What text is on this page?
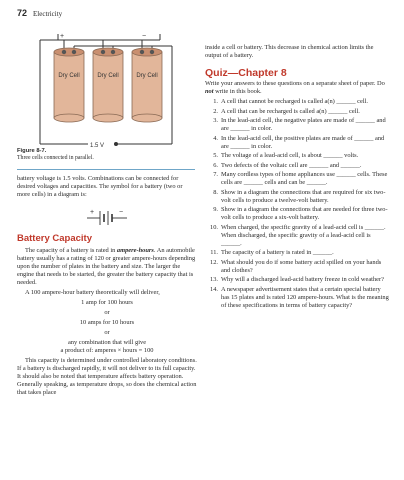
72 Electricity
−
+
Dry Cell	Dry Cell	Dry Cell
1.5 V
Figure 8-7.
Three cells connected in parallel.

battery voltage is 1.5 volts. Combinations can be connected for desired voltages and capacities. The symbol for a battery (two or more cells) in a diagram is:

+	−
Battery Capacity

The capacity of a battery is rated in ampere-hours. An automobile battery usually has a rating of 120 or greater ampere-hours depending upon the number of plates in the battery and size. The larger the engine that needs to be started, the greater the battery capacity that is needed.

A 100 ampere-hour battery theoretically will deliver,

1 amp for 100 hours

or

10 amps for 10 hours

or

any combination that will give

a product of: amperes × hours = 100

This capacity is determined under controlled laboratory conditions. If a battery is discharged rapidly, it will not deliver to its full capacity. It should also be noted that temperature affects battery operation. Generally speaking, as temperature drops, so does the chemical action that takes place

inside a cell or battery. This decrease in chemical action limits the output of a battery.

Quiz—Chapter 8

Write your answers to these questions on a separate sheet of paper. Do not write in this book.

1. A cell that cannot be recharged is called a(n) ______ cell.
2. A cell that can be recharged is called a(n) ______ cell.
3. In the lead-acid cell, the negative plates are made of ______ and are ______ in color.
4. In the lead-acid cell, the positive plates are made of ______ and are ______ in color.
5. The voltage of a lead-acid cell, is about ______ volts.
6. Two defects of the voltaic cell are ______ and ______.
7. Many cordless types of home appliances use ______ cells. These cells are ______ cells and can be ______.
8. Show in a diagram the connections that are required for six two-volt cells to produce a twelve-volt battery.
9. Show in a diagram the connections that are needed for three two-volt cells to produce a six-volt battery.
10. When charged, the specific gravity of a lead-acid cell is ______. When discharged, the specific gravity of a lead-acid cell is ______.
11. The capacity of a battery is rated in ______.
12. What should you do if some battery acid spilled on your hands and clothes?
13. Why will a discharged lead-acid battery freeze in cold weather?
14. A newspaper advertisement states that a certain special battery has 15 plates and is rated 120 ampere-hours. What is the meaning of these specifications in terms of battery capacity?
